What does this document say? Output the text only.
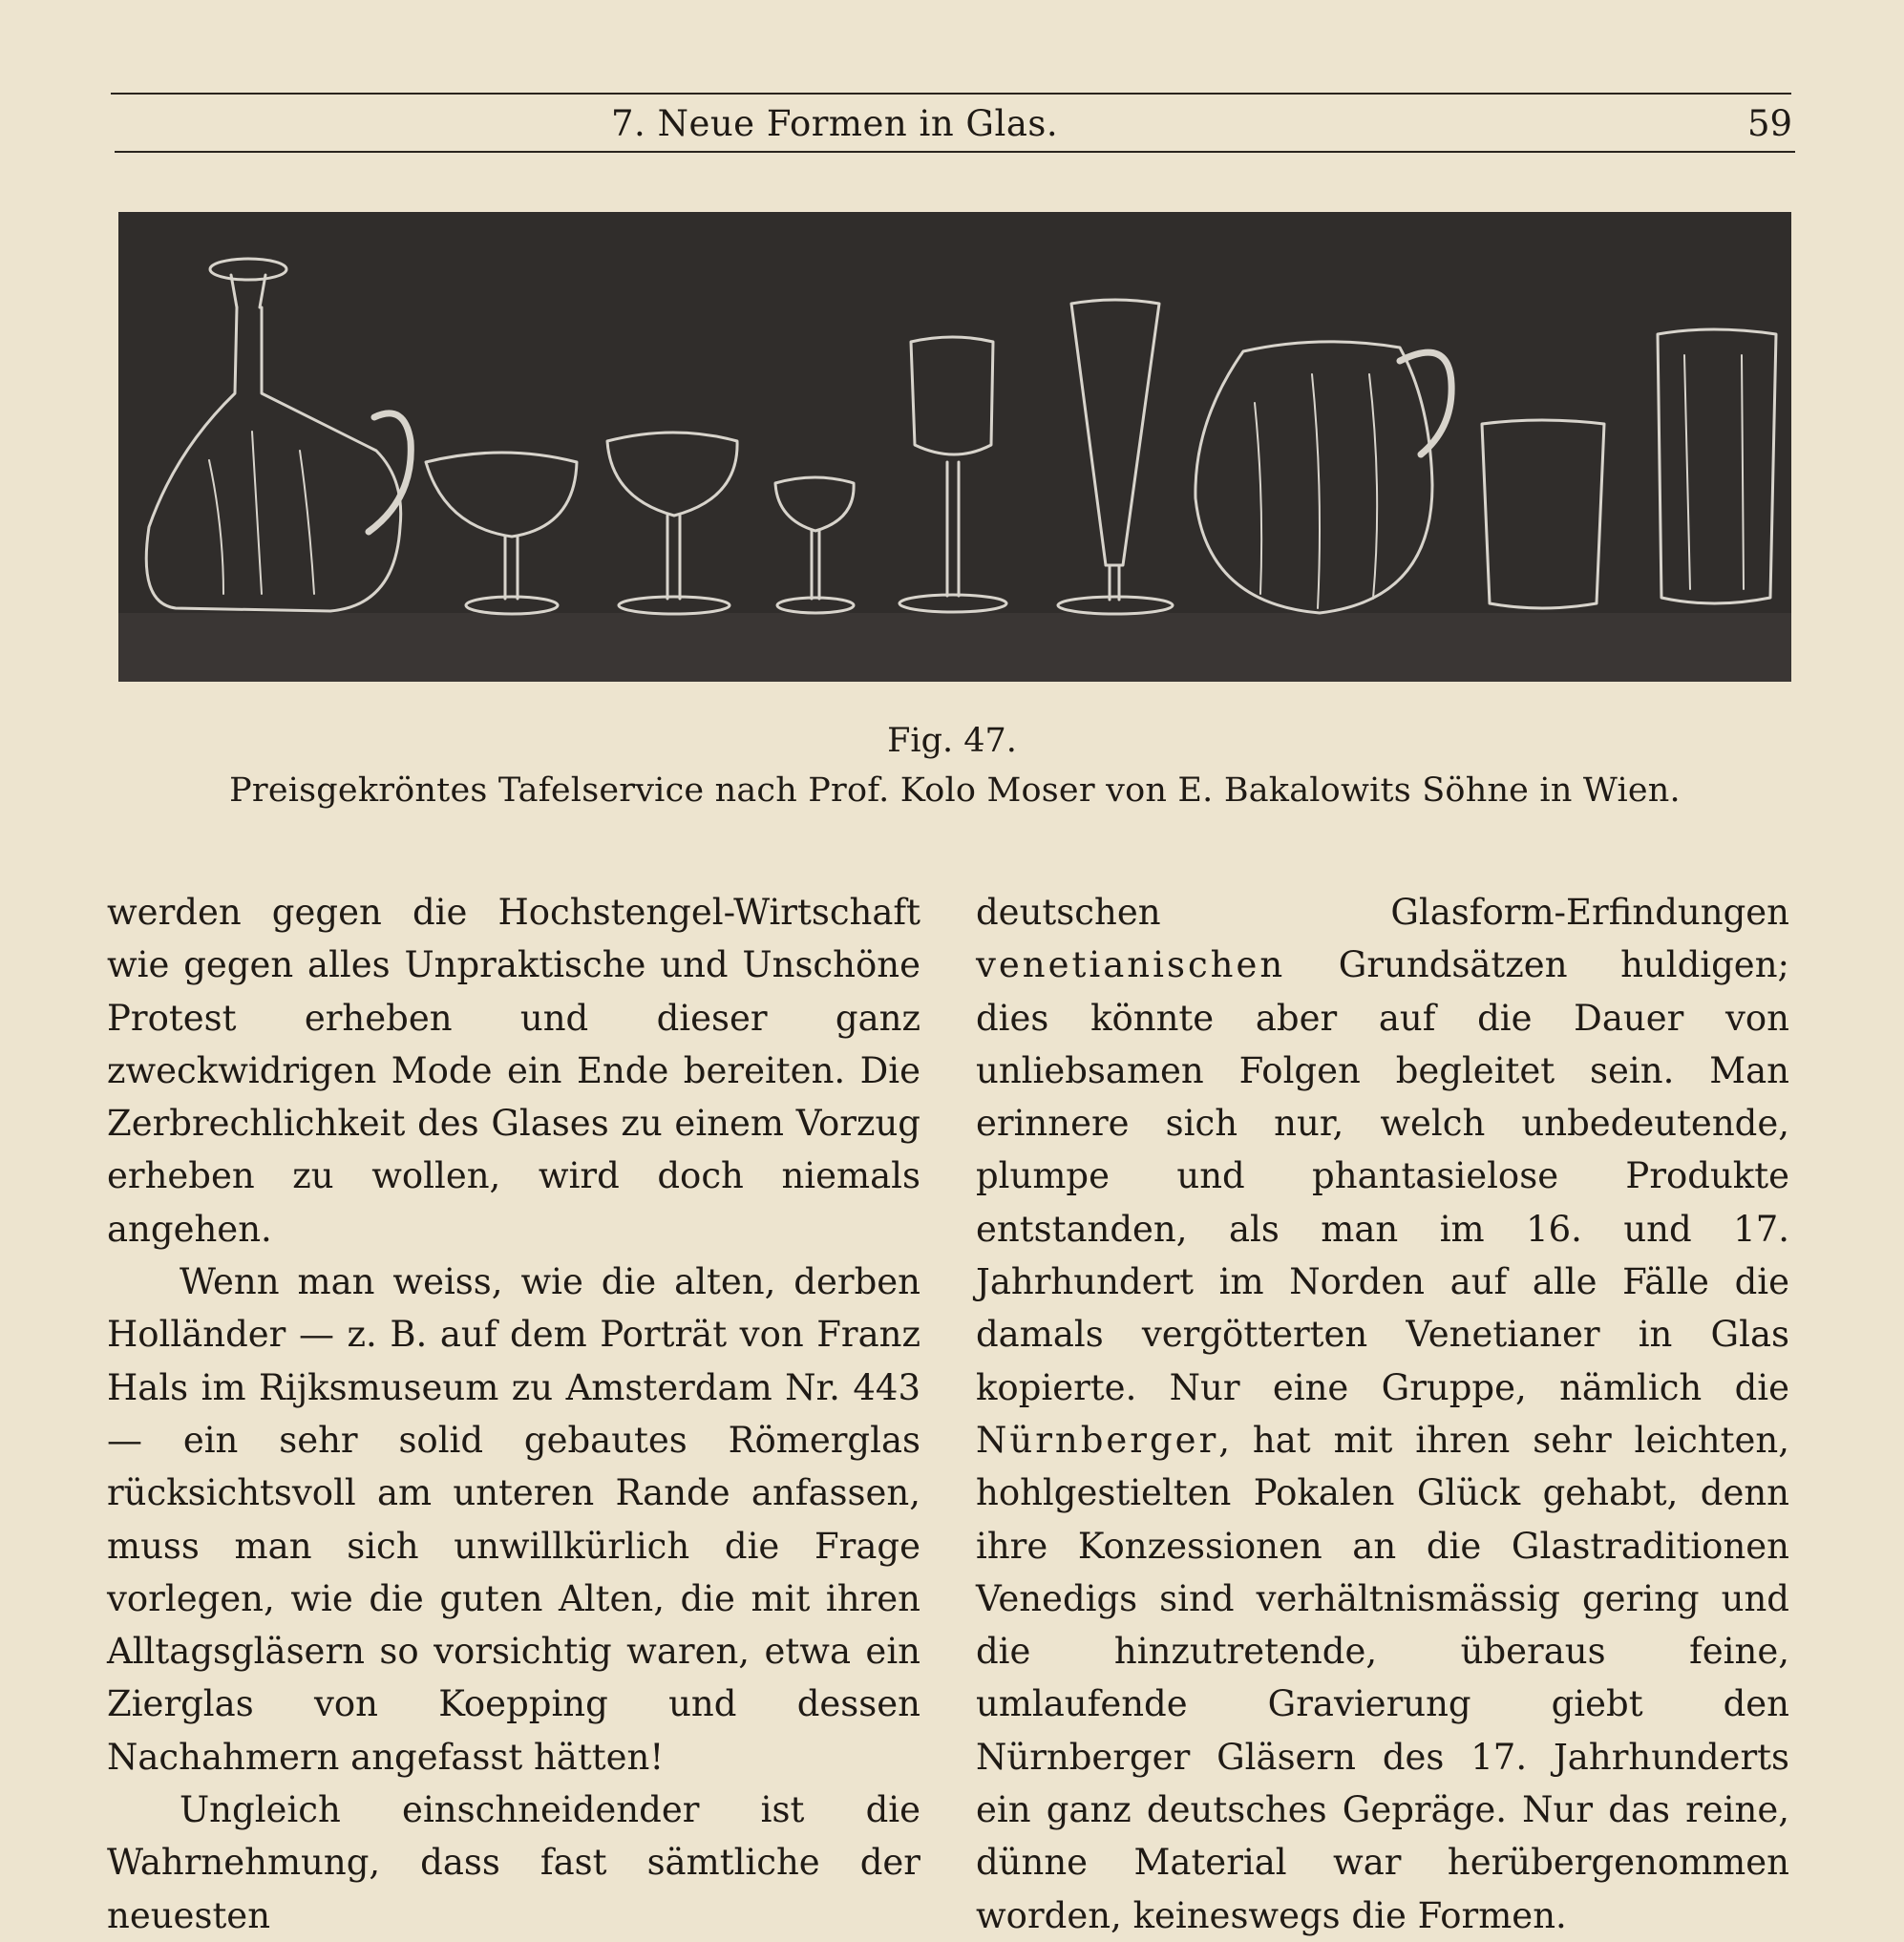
7. Neue Formen in Glas.	59
Fig. 47.
Preisgekröntes Tafelservice nach Prof. Kolo Moser von E. Bakalowits Söhne in Wien.

werden gegen die Hochstengel-Wirtschaft wie gegen alles Unpraktische und Unschöne Protest erheben und dieser ganz zweckwidrigen Mode ein Ende bereiten. Die Zerbrechlichkeit des Glases zu einem Vorzug erheben zu wollen, wird doch niemals angehen.

Wenn man weiss, wie die alten, derben Holländer — z. B. auf dem Porträt von Franz Hals im Rijksmuseum zu Amsterdam Nr. 443 — ein sehr solid gebautes Römerglas rücksichtsvoll am unteren Rande anfassen, muss man sich unwillkürlich die Frage vorlegen, wie die guten Alten, die mit ihren Alltagsgläsern so vorsichtig waren, etwa ein Zierglas von Koepping und dessen Nachahmern angefasst hätten!

Ungleich einschneidender ist die Wahrnehmung, dass fast sämtliche der neuesten

deutschen Glasform-Erfindungen venetianischen Grundsätzen huldigen; dies könnte aber auf die Dauer von unliebsamen Folgen begleitet sein. Man erinnere sich nur, welch unbedeutende, plumpe und phantasielose Produkte entstanden, als man im 16. und 17. Jahrhundert im Norden auf alle Fälle die damals vergötterten Venetianer in Glas kopierte. Nur eine Gruppe, nämlich die Nürnberger, hat mit ihren sehr leichten, hohlgestielten Pokalen Glück gehabt, denn ihre Konzessionen an die Glastraditionen Venedigs sind verhältnismässig gering und die hinzutretende, überaus feine, umlaufende Gravierung giebt den Nürnberger Gläsern des 17. Jahrhunderts ein ganz deutsches Gepräge. Nur das reine, dünne Material war herübergenommen worden, keineswegs die Formen.
